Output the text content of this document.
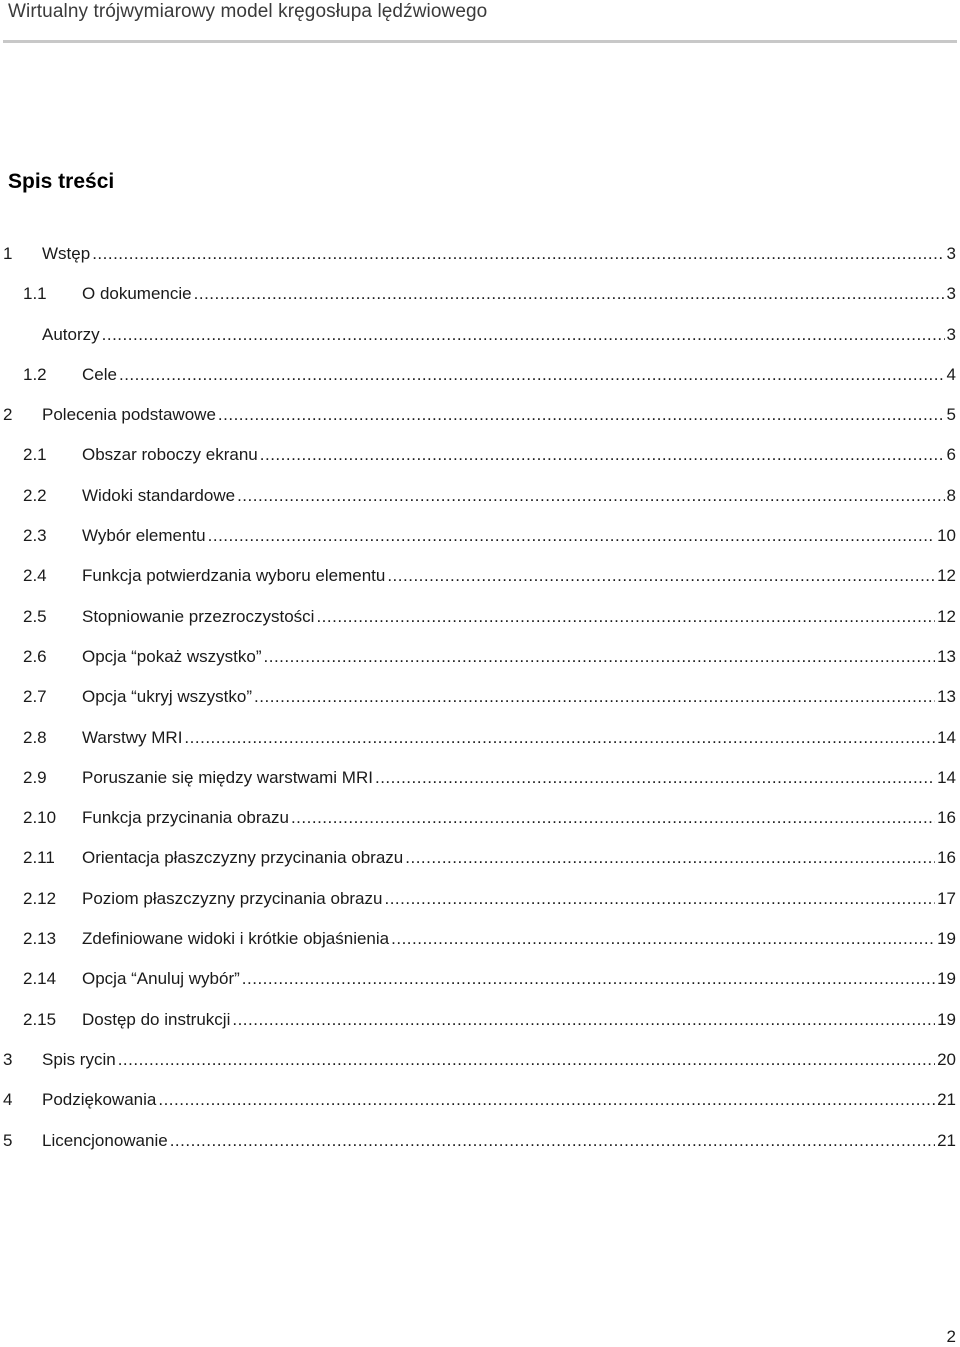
Wirtualny trójwymiarowy model kręgosłupa lędźwiowego
Spis treści
1 Wstęp .....	3
1.1 O dokumencie .....	3
Autorzy .....	3
1.2 Cele .....	4
2 Polecenia podstawowe .....	5
2.1 Obszar roboczy ekranu .....	6
2.2 Widoki standardowe .....	8
2.3 Wybór elementu .....	10
2.4 Funkcja potwierdzania wyboru elementu .....	12
2.5 Stopniowanie przezroczystości .....	12
2.6 Opcja “pokaż wszystko” .....	13
2.7 Opcja “ukryj wszystko” .....	13
2.8 Warstwy MRI .....	14
2.9 Poruszanie się między warstwami MRI .....	14
2.10 Funkcja przycinania obrazu .....	16
2.11 Orientacja płaszczyzny przycinania obrazu .....	16
2.12 Poziom płaszczyzny przycinania obrazu .....	17
2.13 Zdefiniowane widoki i krótkie objaśnienia .....	19
2.14 Opcja “Anuluj wybór” .....	19
2.15 Dostęp do instrukcji .....	19
3 Spis rycin .....	20
4 Podziękowania .....	21
5 Licencjonowanie .....	21
2
